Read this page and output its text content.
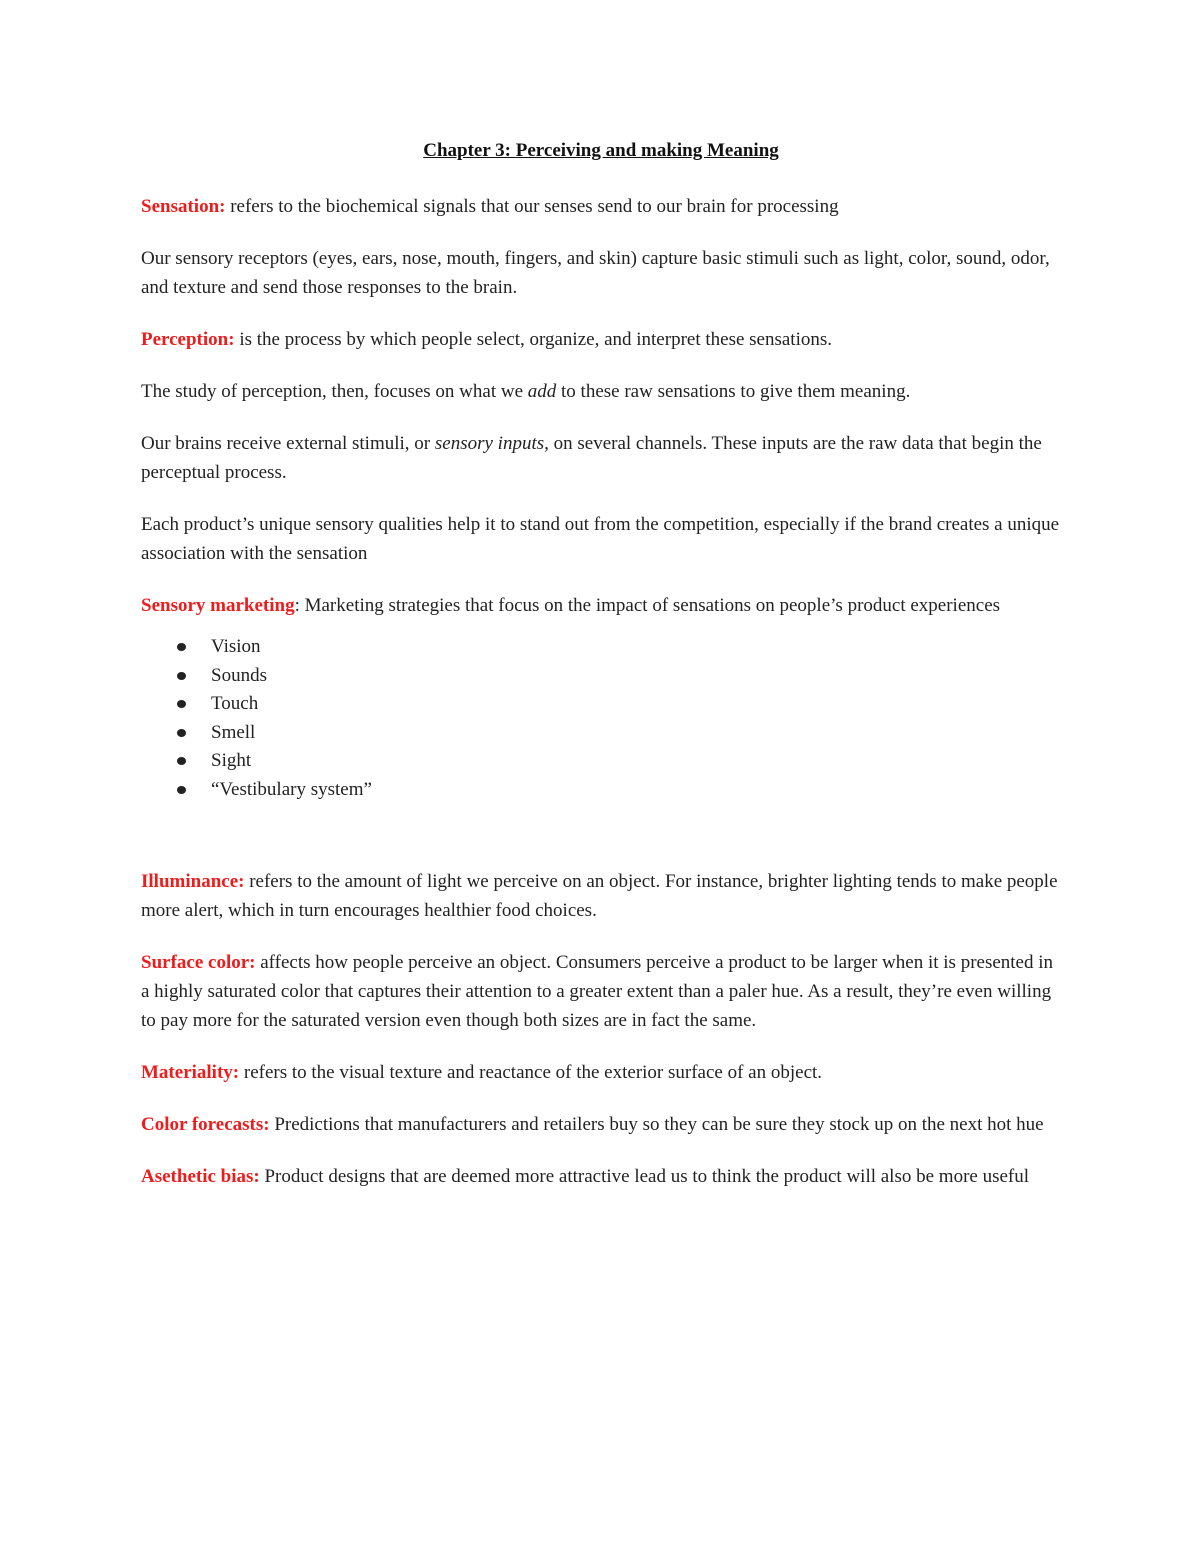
Chapter 3: Perceiving and making Meaning

Sensation: refers to the biochemical signals that our senses send to our brain for processing

Our sensory receptors (eyes, ears, nose, mouth, fingers, and skin) capture basic stimuli such as light, color, sound, odor, and texture and send those responses to the brain.

Perception: is the process by which people select, organize, and interpret these sensations.

The study of perception, then, focuses on what we add to these raw sensations to give them meaning.

Our brains receive external stimuli, or sensory inputs, on several channels. These inputs are the raw data that begin the perceptual process.

Each product’s unique sensory qualities help it to stand out from the competition, especially if the brand creates a unique association with the sensation

Sensory marketing: Marketing strategies that focus on the impact of sensations on people’s product experiences

Vision
Sounds
Touch
Smell
Sight
“Vestibulary system”

Illuminance: refers to the amount of light we perceive on an object. For instance, brighter lighting tends to make people more alert, which in turn encourages healthier food choices.

Surface color: affects how people perceive an object. Consumers perceive a product to be larger when it is presented in a highly saturated color that captures their attention to a greater extent than a paler hue. As a result, they’re even willing to pay more for the saturated version even though both sizes are in fact the same.

Materiality: refers to the visual texture and reactance of the exterior surface of an object.

Color forecasts: Predictions that manufacturers and retailers buy so they can be sure they stock up on the next hot hue

Asethetic bias: Product designs that are deemed more attractive lead us to think the product will also be more useful
